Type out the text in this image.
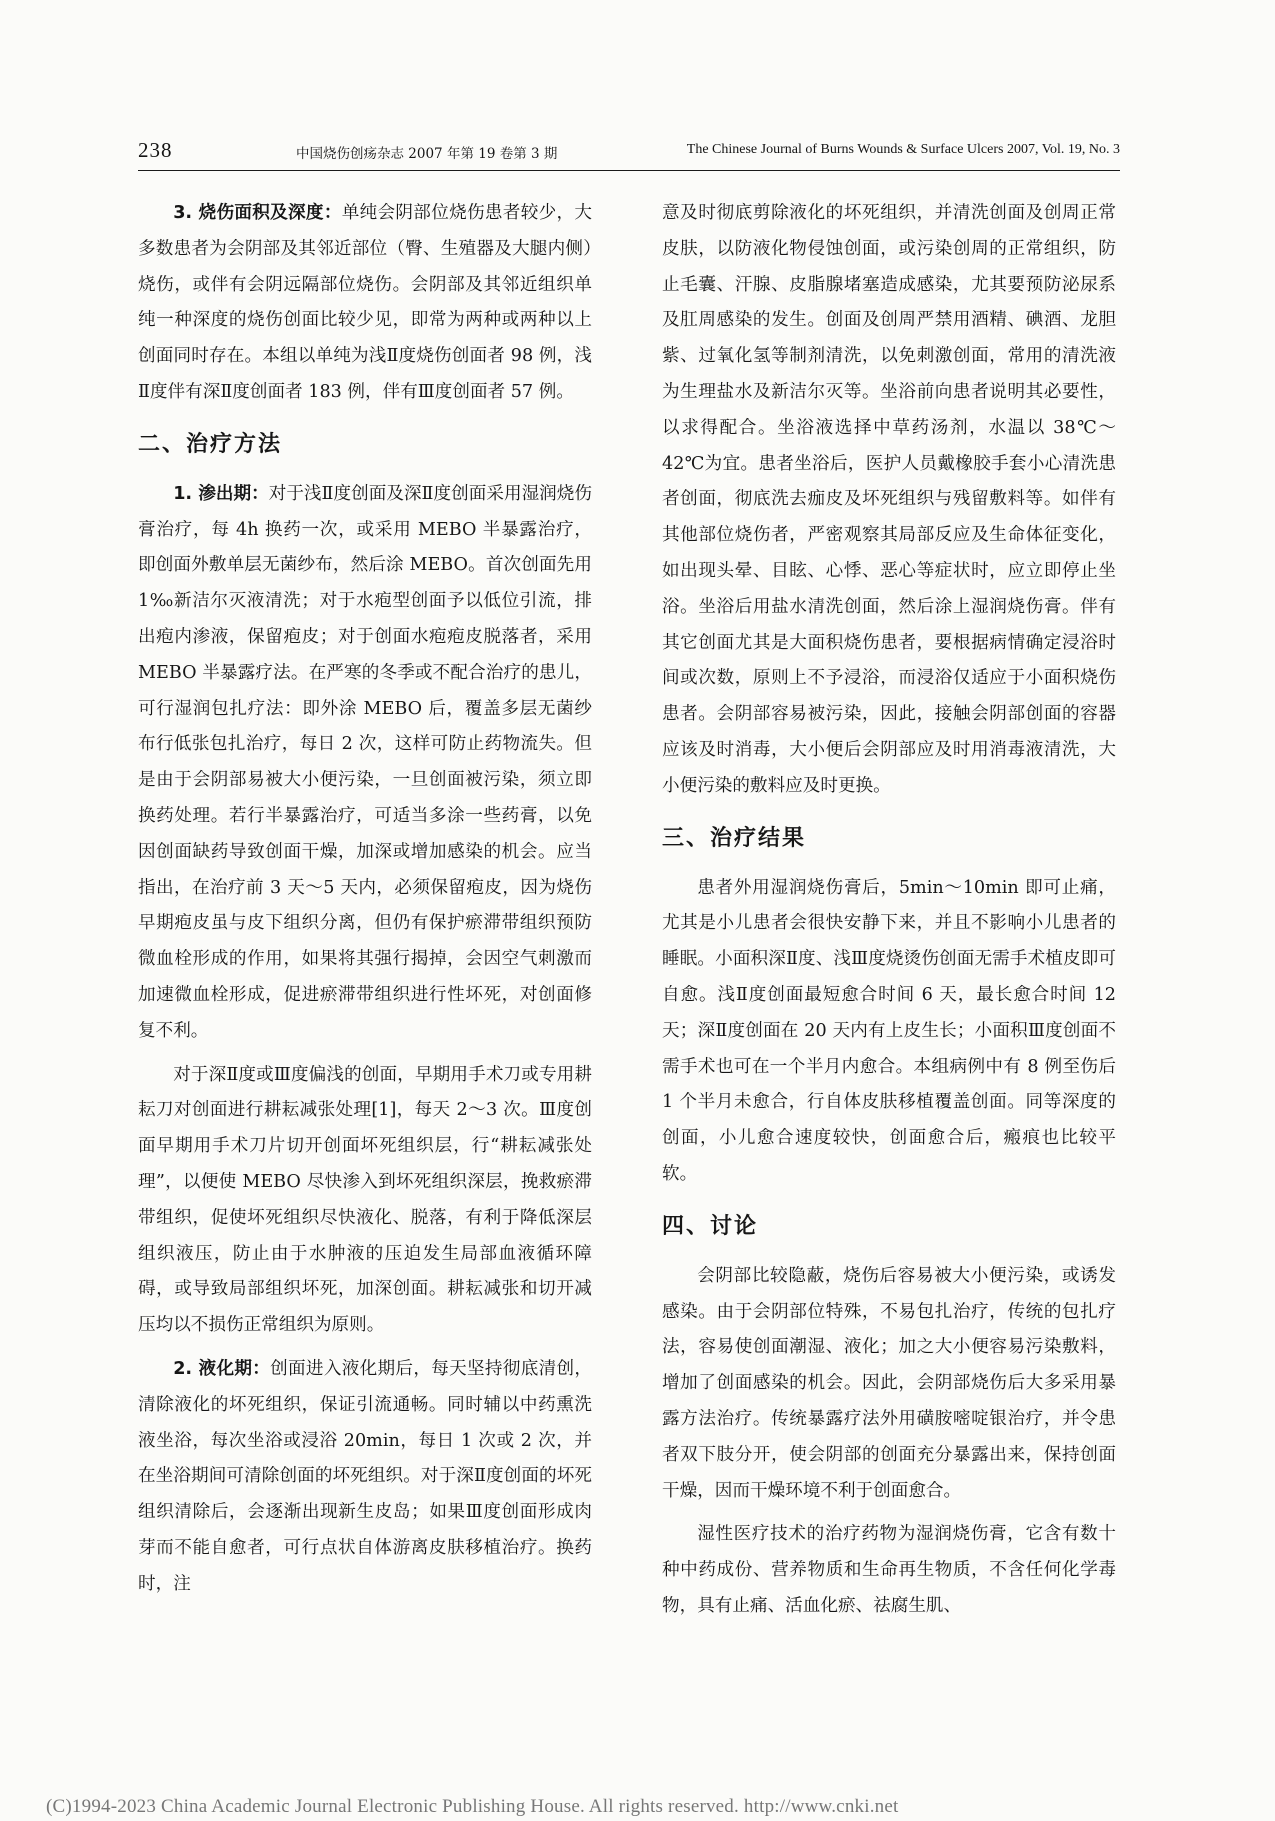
238	中国烧伤创疡杂志 2007 年第 19 卷第 3 期	The Chinese Journal of Burns Wounds & Surface Ulcers 2007, Vol. 19, No. 3

3. 烧伤面积及深度：单纯会阴部位烧伤患者较少，大多数患者为会阴部及其邻近部位（臀、生殖器及大腿内侧）烧伤，或伴有会阴远隔部位烧伤。会阴部及其邻近组织单纯一种深度的烧伤创面比较少见，即常为两种或两种以上创面同时存在。本组以单纯为浅Ⅱ度烧伤创面者 98 例，浅Ⅱ度伴有深Ⅱ度创面者 183 例，伴有Ⅲ度创面者 57 例。

二、治疗方法

1. 渗出期：对于浅Ⅱ度创面及深Ⅱ度创面采用湿润烧伤膏治疗，每 4h 换药一次，或采用 MEBO 半暴露治疗，即创面外敷单层无菌纱布，然后涂 MEBO。首次创面先用 1‰新洁尔灭液清洗；对于水疱型创面予以低位引流，排出疱内渗液，保留疱皮；对于创面水疱疱皮脱落者，采用 MEBO 半暴露疗法。在严寒的冬季或不配合治疗的患儿，可行湿润包扎疗法：即外涂 MEBO 后，覆盖多层无菌纱布行低张包扎治疗，每日 2 次，这样可防止药物流失。但是由于会阴部易被大小便污染，一旦创面被污染，须立即换药处理。若行半暴露治疗，可适当多涂一些药膏，以免因创面缺药导致创面干燥，加深或增加感染的机会。应当指出，在治疗前 3 天～5 天内，必须保留疱皮，因为烧伤早期疱皮虽与皮下组织分离，但仍有保护瘀滞带组织预防微血栓形成的作用，如果将其强行揭掉，会因空气刺激而加速微血栓形成，促进瘀滞带组织进行性坏死，对创面修复不利。

对于深Ⅱ度或Ⅲ度偏浅的创面，早期用手术刀或专用耕耘刀对创面进行耕耘减张处理[1]，每天 2～3 次。Ⅲ度创面早期用手术刀片切开创面坏死组织层，行“耕耘减张处理”，以便使 MEBO 尽快渗入到坏死组织深层，挽救瘀滞带组织，促使坏死组织尽快液化、脱落，有利于降低深层组织液压，防止由于水肿液的压迫发生局部血液循环障碍，或导致局部组织坏死，加深创面。耕耘减张和切开减压均以不损伤正常组织为原则。

2. 液化期：创面进入液化期后，每天坚持彻底清创，清除液化的坏死组织，保证引流通畅。同时辅以中药熏洗液坐浴，每次坐浴或浸浴 20min，每日 1 次或 2 次，并在坐浴期间可清除创面的坏死组织。对于深Ⅱ度创面的坏死组织清除后，会逐渐出现新生皮岛；如果Ⅲ度创面形成肉芽而不能自愈者，可行点状自体游离皮肤移植治疗。换药时，注

意及时彻底剪除液化的坏死组织，并清洗创面及创周正常皮肤，以防液化物侵蚀创面，或污染创周的正常组织，防止毛囊、汗腺、皮脂腺堵塞造成感染，尤其要预防泌尿系及肛周感染的发生。创面及创周严禁用酒精、碘酒、龙胆紫、过氧化氢等制剂清洗，以免刺激创面，常用的清洗液为生理盐水及新洁尔灭等。坐浴前向患者说明其必要性，以求得配合。坐浴液选择中草药汤剂，水温以 38℃～42℃为宜。患者坐浴后，医护人员戴橡胶手套小心清洗患者创面，彻底洗去痂皮及坏死组织与残留敷料等。如伴有其他部位烧伤者，严密观察其局部反应及生命体征变化，如出现头晕、目眩、心悸、恶心等症状时，应立即停止坐浴。坐浴后用盐水清洗创面，然后涂上湿润烧伤膏。伴有其它创面尤其是大面积烧伤患者，要根据病情确定浸浴时间或次数，原则上不予浸浴，而浸浴仅适应于小面积烧伤患者。会阴部容易被污染，因此，接触会阴部创面的容器应该及时消毒，大小便后会阴部应及时用消毒液清洗，大小便污染的敷料应及时更换。

三、治疗结果

患者外用湿润烧伤膏后，5min～10min 即可止痛，尤其是小儿患者会很快安静下来，并且不影响小儿患者的睡眠。小面积深Ⅱ度、浅Ⅲ度烧烫伤创面无需手术植皮即可自愈。浅Ⅱ度创面最短愈合时间 6 天，最长愈合时间 12 天；深Ⅱ度创面在 20 天内有上皮生长；小面积Ⅲ度创面不需手术也可在一个半月内愈合。本组病例中有 8 例至伤后 1 个半月未愈合，行自体皮肤移植覆盖创面。同等深度的创面，小儿愈合速度较快，创面愈合后，瘢痕也比较平软。

四、讨论

会阴部比较隐蔽，烧伤后容易被大小便污染，或诱发感染。由于会阴部位特殊，不易包扎治疗，传统的包扎疗法，容易使创面潮湿、液化；加之大小便容易污染敷料，增加了创面感染的机会。因此，会阴部烧伤后大多采用暴露方法治疗。传统暴露疗法外用磺胺嘧啶银治疗，并令患者双下肢分开，使会阴部的创面充分暴露出来，保持创面干燥，因而干燥环境不利于创面愈合。

湿性医疗技术的治疗药物为湿润烧伤膏，它含有数十种中药成份、营养物质和生命再生物质，不含任何化学毒物，具有止痛、活血化瘀、祛腐生肌、

(C)1994-2023 China Academic Journal Electronic Publishing House. All rights reserved. http://www.cnki.net
